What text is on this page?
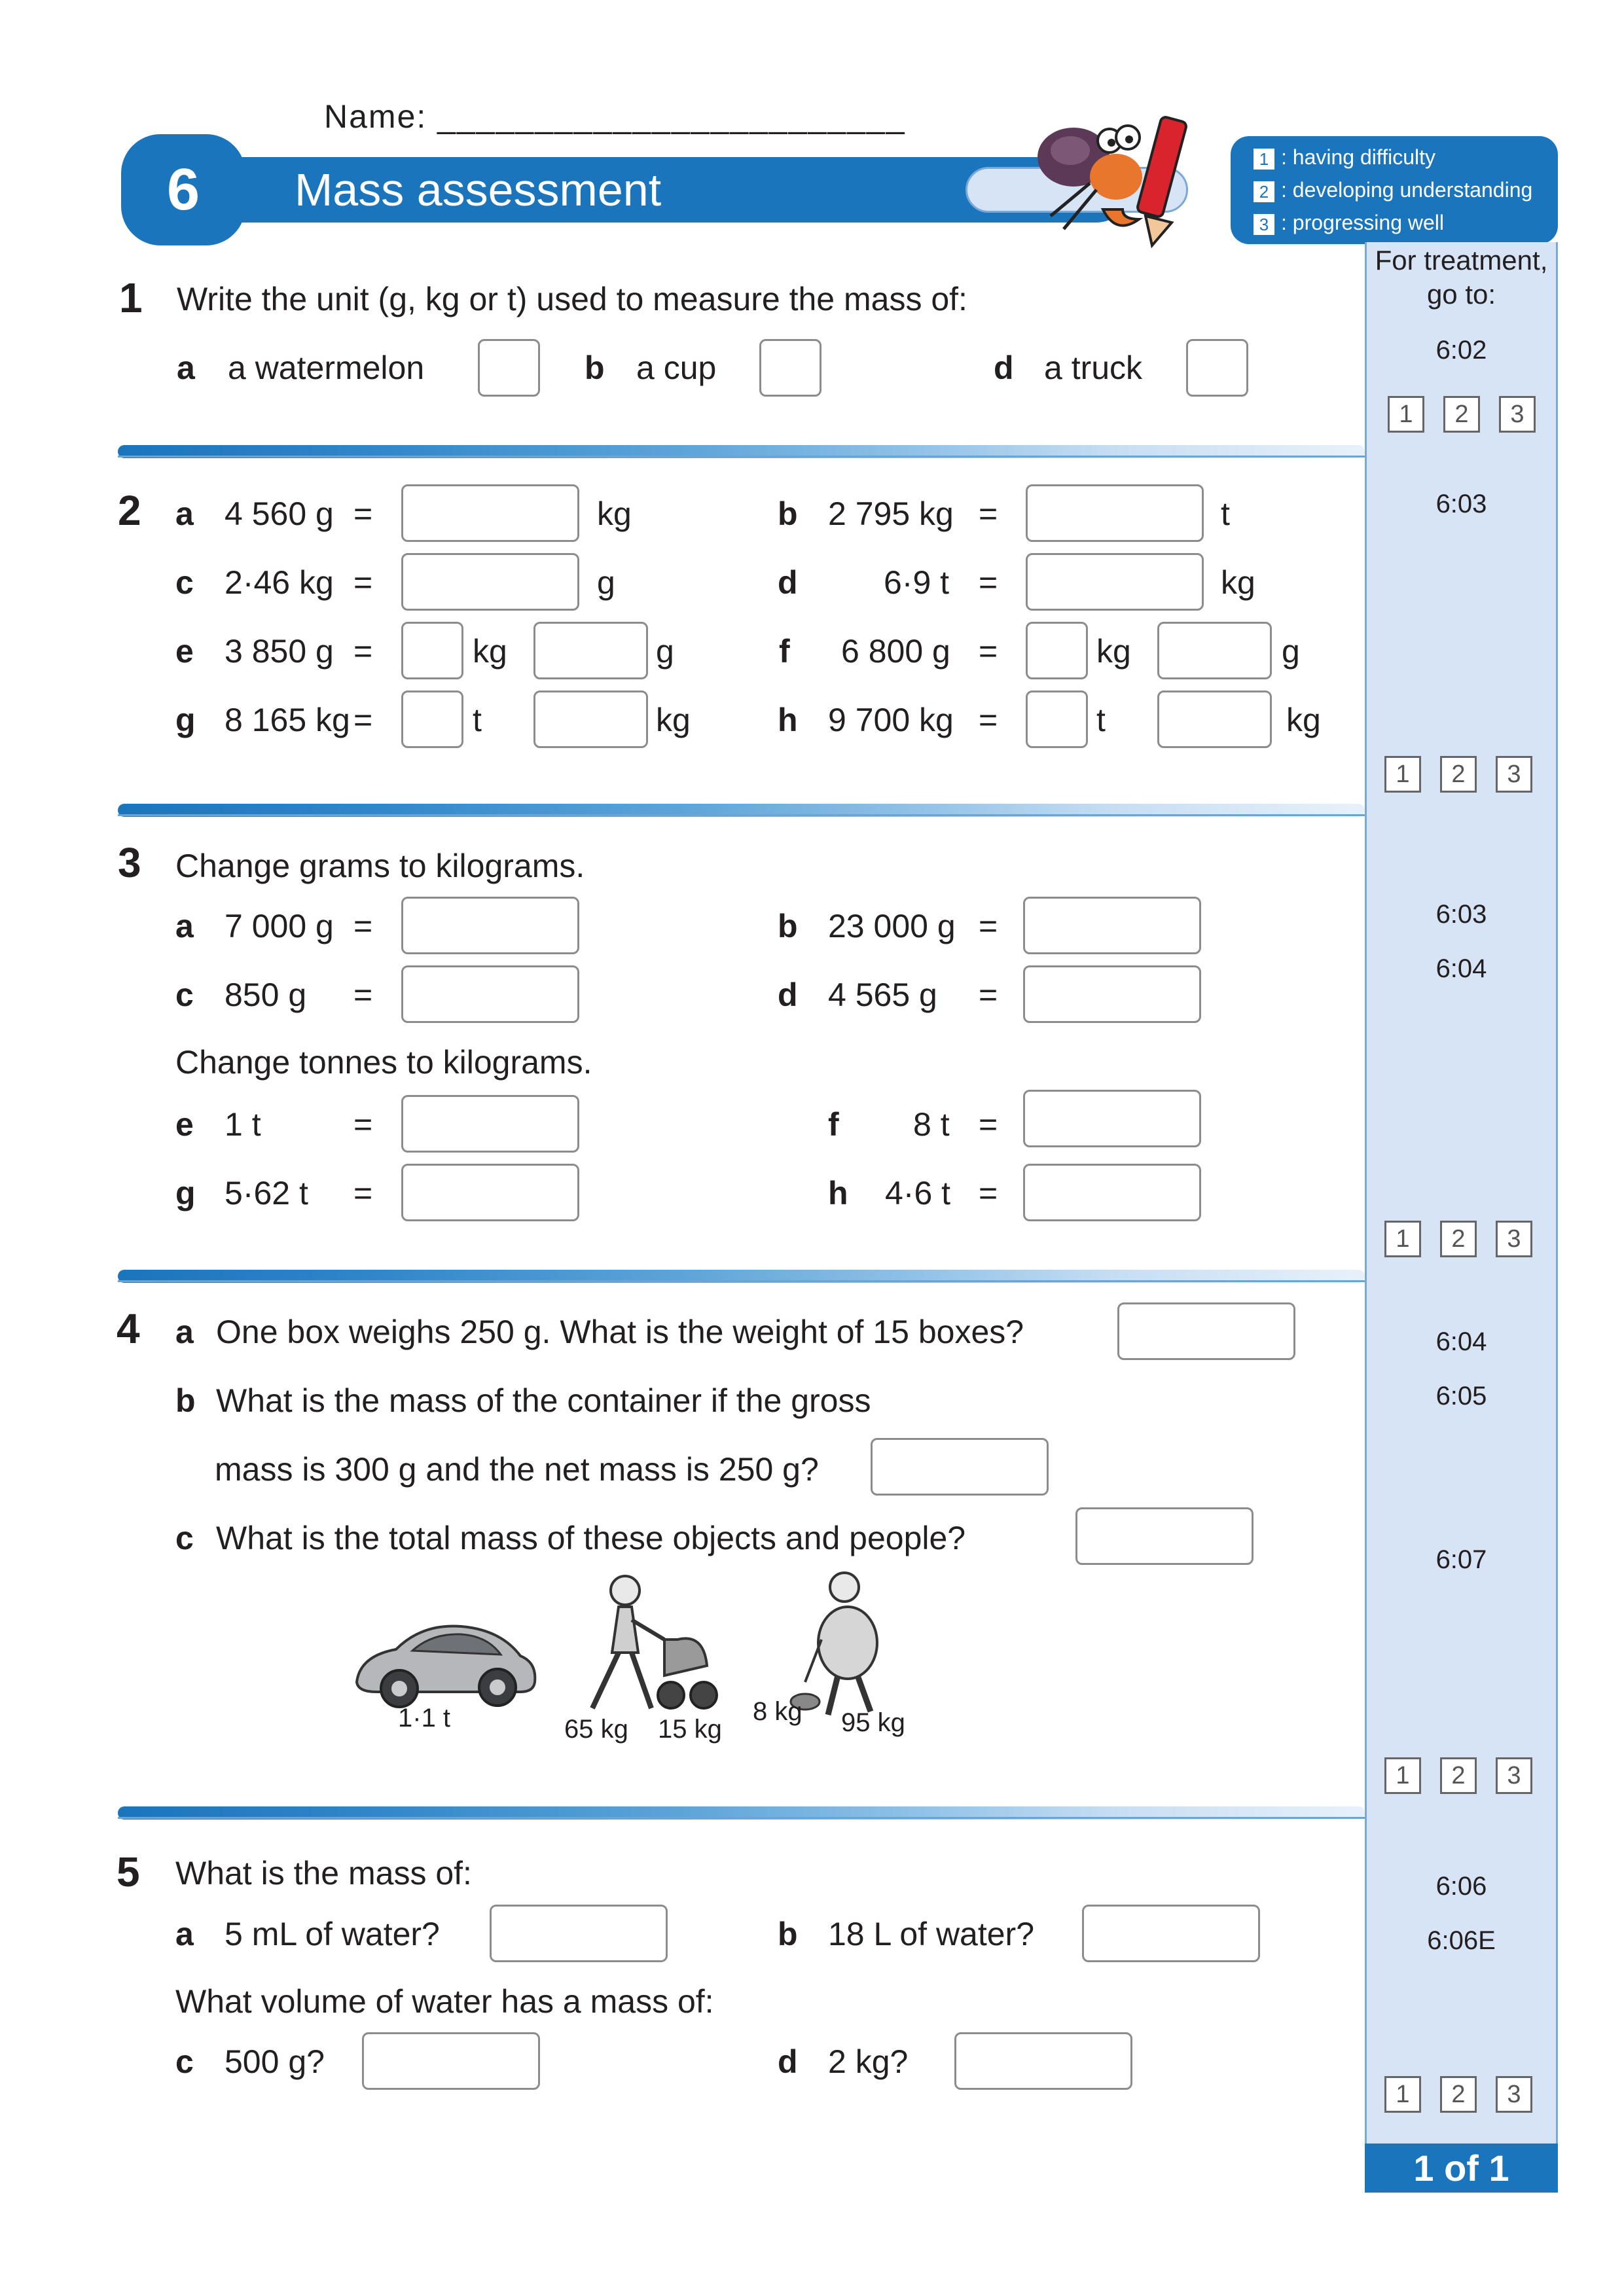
Name: ________________________
6	Mass assessment
1 : having difficulty
2 : developing understanding
3 : progressing well
For treatment, go to:
6:02
1	2	3
6:03
1	2	3
6:03
6:04
1	2	3
6:04
6:05
6:07
1	2	3
6:06
6:06E
1	2	3
1 of 1
1 Write the unit (g, kg or t) used to measure the mass of:
a a watermelon	b a cup	d a truck
2 a 4 560 g =	kg	b 2 795 kg =	t
c 2·46 kg =	g	d	6·9 t =	kg
e 3 850 g =	kg	g	f 6 800 g =	kg	g
g 8 165 kg =	t	kg	h 9 700 kg =	t	kg
3 Change grams to kilograms.
a 7 000 g =	b 23 000 g =
c 850 g =	d 4 565 g =
Change tonnes to kilograms.
e 1 t	=	f 8 t =
g 5·62 t =	h 4·6 t =
4 a One box weighs 250 g. What is the weight of 15 boxes?
b What is the mass of the container if the gross
mass is 300 g and the net mass is 250 g?
c What is the total mass of these objects and people?
1·1 t	65 kg 15 kg
8 kg 95 kg
5 What is the mass of:
a 5 mL of water?	b 18 L of water?
What volume of water has a mass of:
c 500 g?	d 2 kg?
